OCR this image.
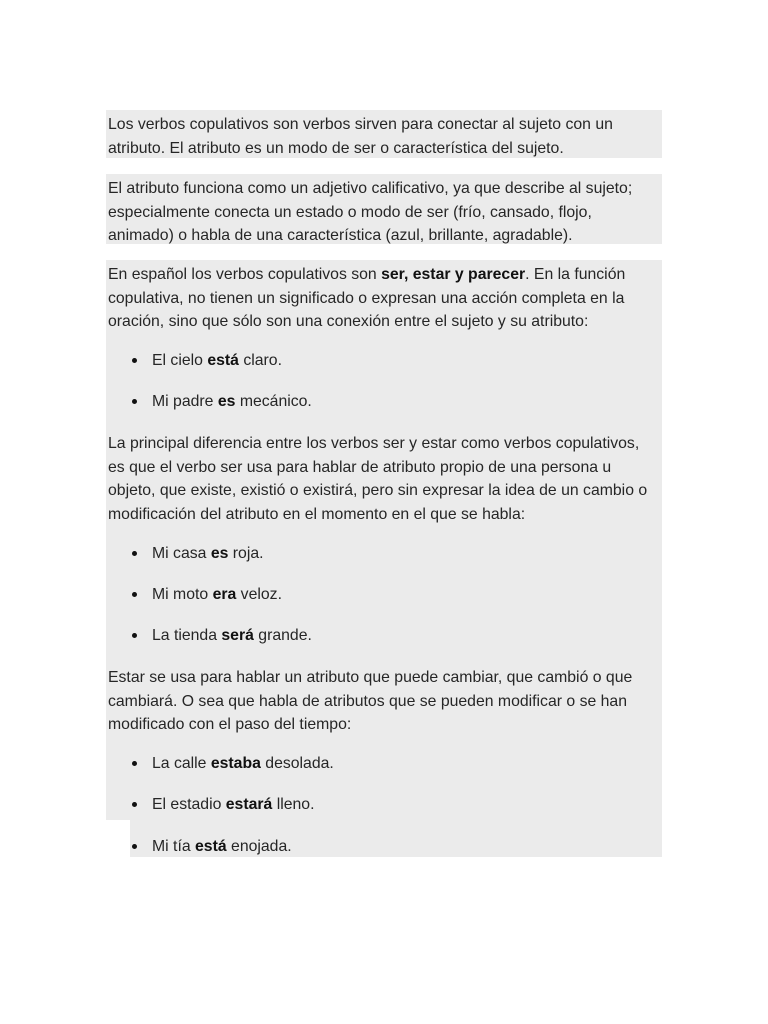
Los verbos copulativos son verbos sirven para conectar al sujeto con un atributo. El atributo es un modo de ser o característica del sujeto.
El atributo funciona como un adjetivo calificativo, ya que describe al sujeto; especialmente conecta un estado o modo de ser (frío, cansado, flojo, animado) o habla de una característica (azul, brillante, agradable).
En español los verbos copulativos son ser, estar y parecer. En la función copulativa, no tienen un significado o expresan una acción completa en la oración, sino que sólo son una conexión entre el sujeto y su atributo:
El cielo está claro.
Mi padre es mecánico.
La principal diferencia entre los verbos ser y estar como verbos copulativos, es que el verbo ser usa para hablar de atributo propio de una persona u objeto, que existe, existió o existirá, pero sin expresar la idea de un cambio o modificación del atributo en el momento en el que se habla:
Mi casa es roja.
Mi moto era veloz.
La tienda será grande.
Estar se usa para hablar un atributo que puede cambiar, que cambió o que cambiará. O sea que habla de atributos que se pueden modificar o se han modificado con el paso del tiempo:
La calle estaba desolada.
El estadio estará lleno.
Mi tía está enojada.
